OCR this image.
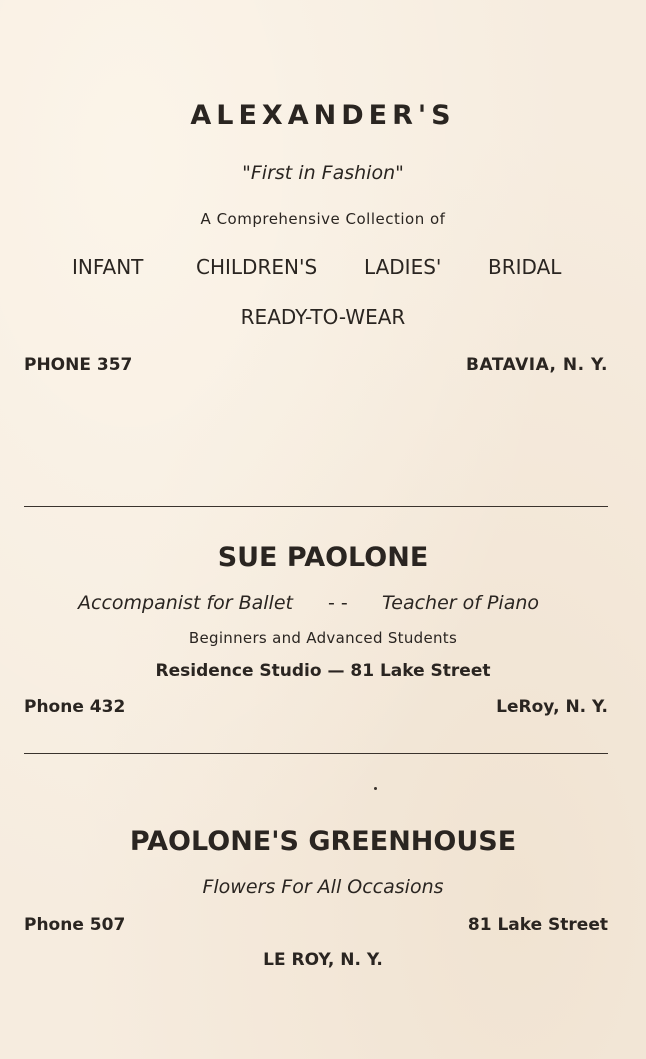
ALEXANDER'S
"First in Fashion"
A Comprehensive Collection of
INFANT	CHILDREN'S LADIES' BRIDAL
READY-TO-WEAR
PHONE 357	BATAVIA, N. Y.
SUE PAOLONE
Accompanist for Ballet - - Teacher of Piano
Beginners and Advanced Students
Residence Studio — 81 Lake Street
Phone 432	LeRoy, N. Y.
PAOLONE'S GREENHOUSE
Flowers For All Occasions
Phone 507	81 Lake Street
LE ROY, N. Y.
